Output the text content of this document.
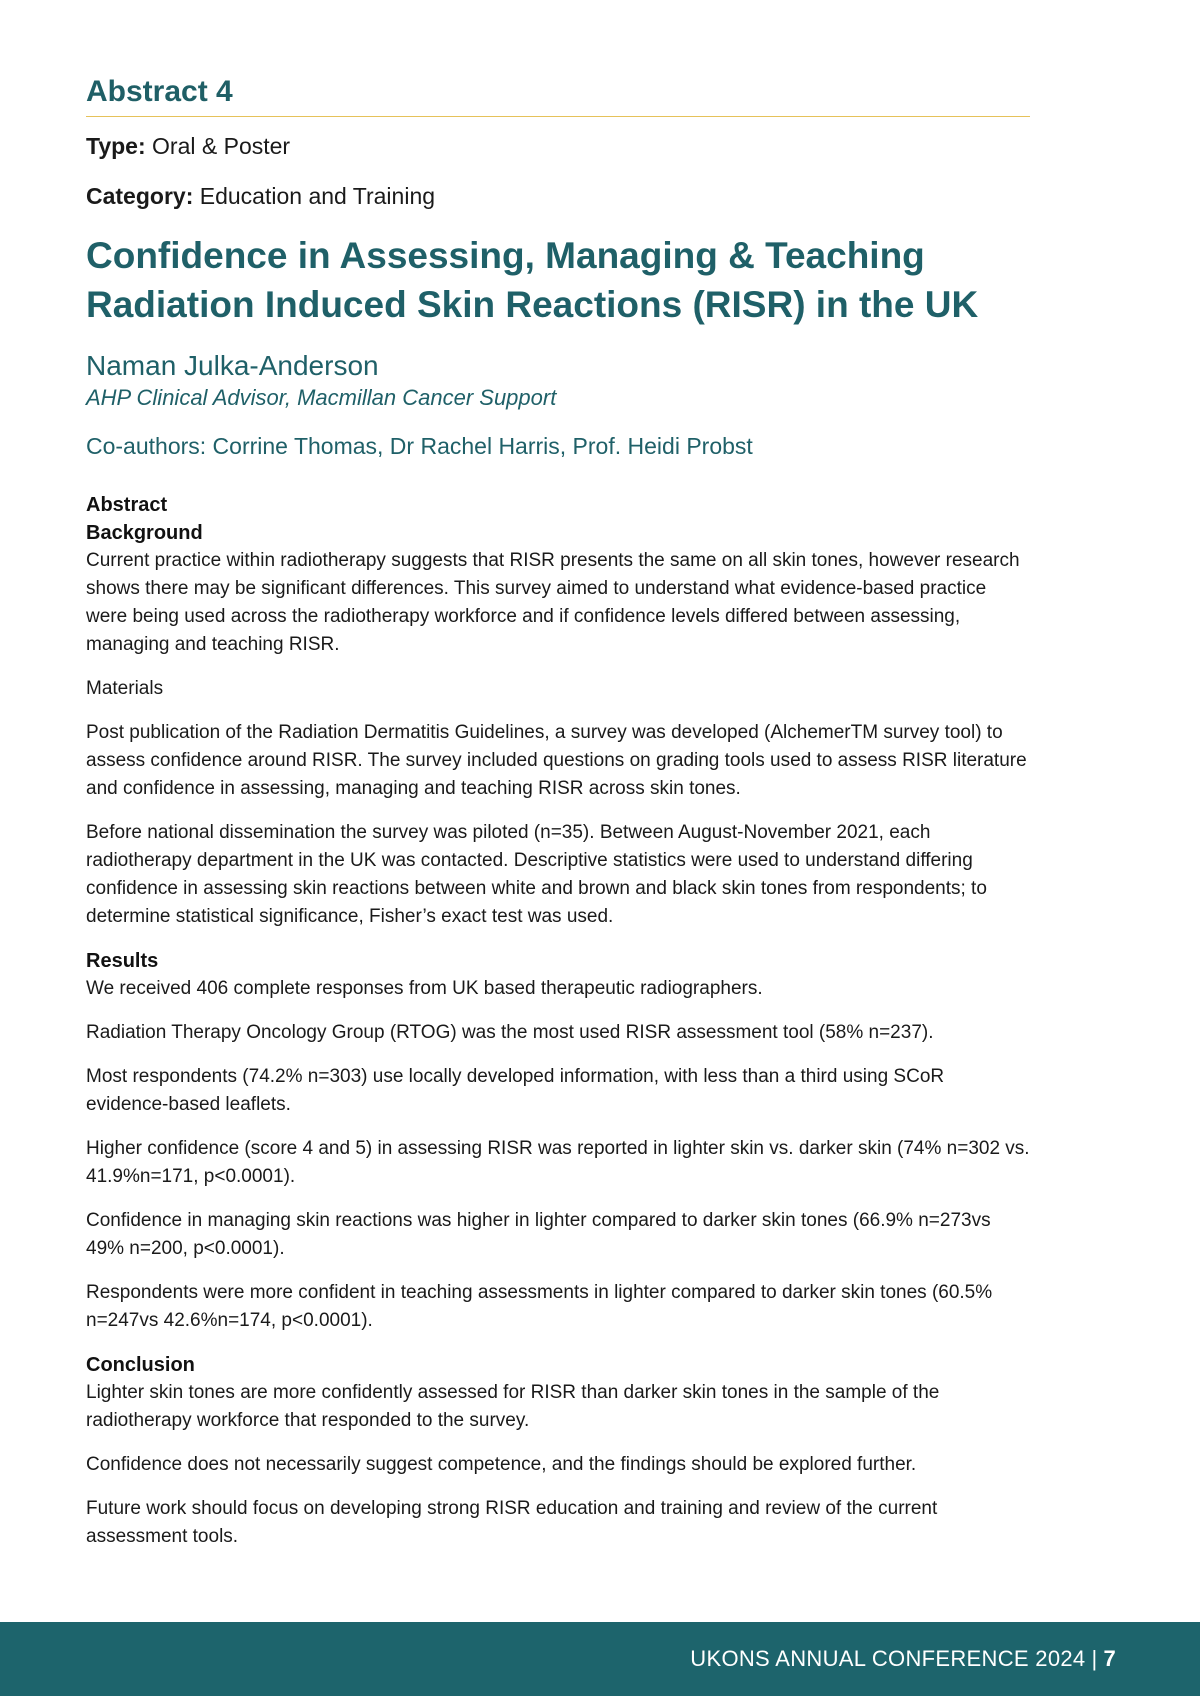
Abstract 4

Type: Oral & Poster

Category: Education and Training

Confidence in Assessing, Managing & Teaching Radiation Induced Skin Reactions (RISR) in the UK

Naman Julka-Anderson

AHP Clinical Advisor, Macmillan Cancer Support

Co-authors: Corrine Thomas, Dr Rachel Harris, Prof. Heidi Probst

Abstract

Background

Current practice within radiotherapy suggests that RISR presents the same on all skin tones, however research shows there may be significant differences. This survey aimed to understand what evidence-based practice were being used across the radiotherapy workforce and if confidence levels differed between assessing, managing and teaching RISR.

Materials

Post publication of the Radiation Dermatitis Guidelines, a survey was developed (AlchemerTM survey tool) to assess confidence around RISR. The survey included questions on grading tools used to assess RISR literature and confidence in assessing, managing and teaching RISR across skin tones.

Before national dissemination the survey was piloted (n=35). Between August-November 2021, each radiotherapy department in the UK was contacted. Descriptive statistics were used to understand differing confidence in assessing skin reactions between white and brown and black skin tones from respondents; to determine statistical significance, Fisher’s exact test was used.

Results

We received 406 complete responses from UK based therapeutic radiographers.

Radiation Therapy Oncology Group (RTOG) was the most used RISR assessment tool (58% n=237).

Most respondents (74.2% n=303) use locally developed information, with less than a third using SCoR evidence-based leaflets.

Higher confidence (score 4 and 5) in assessing RISR was reported in lighter skin vs. darker skin (74% n=302 vs. 41.9%n=171, p<0.0001).

Confidence in managing skin reactions was higher in lighter compared to darker skin tones (66.9% n=273vs 49% n=200, p<0.0001).

Respondents were more confident in teaching assessments in lighter compared to darker skin tones (60.5% n=247vs 42.6%n=174, p<0.0001).

Conclusion

Lighter skin tones are more confidently assessed for RISR than darker skin tones in the sample of the radiotherapy workforce that responded to the survey.

Confidence does not necessarily suggest competence, and the findings should be explored further.

Future work should focus on developing strong RISR education and training and review of the current assessment tools.

UKONS ANNUAL CONFERENCE 2024 | 7
